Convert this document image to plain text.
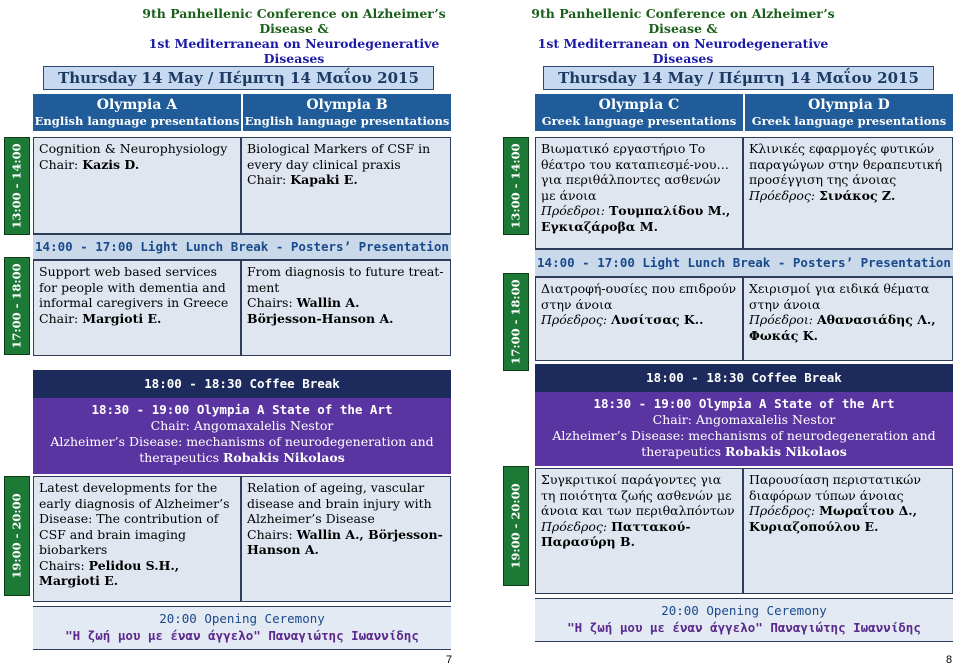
9th Panhellenic Conference on Alzheimer’s Disease &
1st Mediterranean on Neurodegenerative Diseases
Thursday 14 May / Πέμπτη 14 Μαΐου 2015
Olympia A
English language presentations
Olympia B
English language presentations
13:00 - 14:00
17:00 - 18:00
19:00 - 20:00
Cognition & Neurophysiology
Chair: Kazis D.
Biological Markers of CSF in every day clinical praxis
Chair: Kapaki E.
14:00 - 17:00 Light Lunch Break - Posters’ Presentation
Support web based services for people with dementia and informal caregivers in Greece
Chair: Margioti E.
From diagnosis to future treat-ment
Chairs: Wallin A.
Börjesson-Hanson A.
18:00 - 18:30 Coffee Break
18:30 - 19:00 Olympia A State of the Art
Chair: Angomaxalelis Nestor
Alzheimer’s Disease: mechanisms of neurodegeneration and therapeutics Robakis Nikolaos
Latest developments for the early diagnosis of Alzheimer’s Disease: The contribution of CSF and brain imaging biobarkers
Chairs: Pelidou S.H., Margioti E.
Relation of ageing, vascular disease and brain injury with Alzheimer’s Disease
Chairs: Wallin A., Börjesson-Hanson A.
20:00 Opening Ceremony
"Η ζωή μου με έναν άγγελο" Παναγιώτης Ιωαννίδης
7
9th Panhellenic Conference on Alzheimer’s Disease &
1st Mediterranean on Neurodegenerative Diseases
Thursday 14 May / Πέμπτη 14 Μαΐου 2015
Olympia C
Greek language presentations
Olympia D
Greek language presentations
13:00 - 14:00
17:00 - 18:00
19:00 - 20:00
Βιωματικό εργαστήριο Το θέατρο του καταπιεσμέ-νου… για περιθάλποντες ασθενών με άνοια
Πρόεδροι: Τουμπαλίδου Μ., Εγκιαζάροβα Μ.
Κλινικές εφαρμογές φυτικών παραγώγων στην θεραπευτική προσέγγιση της άνοιας
Πρόεδρος: Σινάκος Ζ.
14:00 - 17:00 Light Lunch Break - Posters’ Presentation
Διατροφή-ουσίες που επιδρούν στην άνοια
Πρόεδρος: Λυσίτσας Κ..
Χειρισμοί για ειδικά θέματα στην άνοια
Πρόεδροι: Αθανασιάδης Λ., Φωκάς Κ.
18:00 - 18:30 Coffee Break
18:30 - 19:00 Olympia A State of the Art
Chair: Angomaxalelis Nestor
Alzheimer’s Disease: mechanisms of neurodegeneration and therapeutics Robakis Nikolaos
Συγκριτικοί παράγοντες για τη ποιότητα ζωής ασθενών με άνοια και των περιθαλπόντων
Πρόεδρος: Παττακού-Παρασύρη Β.
Παρουσίαση περιστατικών διαφόρων τύπων άνοιας
Πρόεδρος: Μωραΐτου Δ., Κυριαζοπούλου Ε.
20:00 Opening Ceremony
"Η ζωή μου με έναν άγγελο" Παναγιώτης Ιωαννίδης
8
